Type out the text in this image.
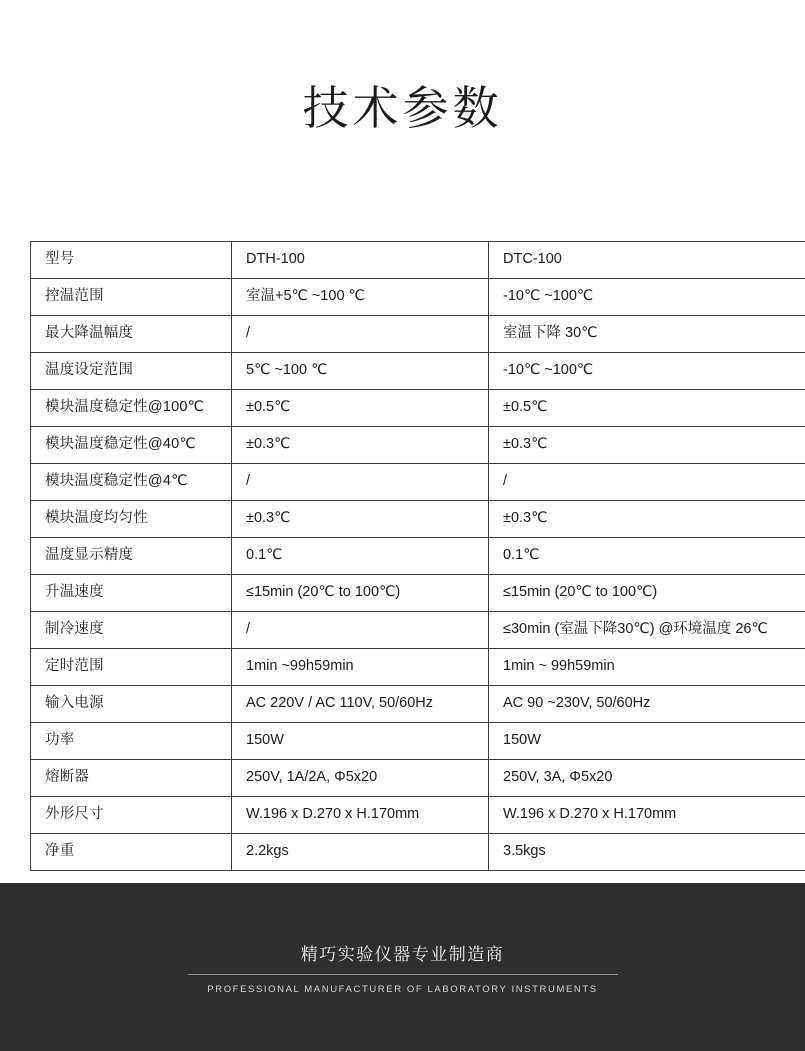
技术参数
型号	DTH-100	DTC-100
控温范围	室温+5℃ ~100 ℃	-10℃ ~100℃
最大降温幅度	/	室温下降 30℃
温度设定范围	5℃ ~100 ℃	-10℃ ~100℃
模块温度稳定性@100℃	±0.5℃	±0.5℃
模块温度稳定性@40℃	±0.3℃	±0.3℃
模块温度稳定性@4℃	/	/
模块温度均匀性	±0.3℃	±0.3℃
温度显示精度	0.1℃	0.1℃
升温速度	≤15min (20℃ to 100℃)	≤15min (20℃ to 100℃)
制冷速度	/	≤30min (室温下降30℃) @环境温度 26℃
定时范围	1min ~99h59min	1min ~ 99h59min
输入电源	AC 220V / AC 110V, 50/60Hz	AC 90 ~230V, 50/60Hz
功率	150W	150W
熔断器	250V, 1A/2A, Φ5x20	250V, 3A, Φ5x20
外形尺寸	W.196 x D.270 x H.170mm	W.196 x D.270 x H.170mm
净重	2.2kgs	3.5kgs
精巧实验仪器专业制造商
PROFESSIONAL MANUFACTURER OF LABORATORY INSTRUMENTS
